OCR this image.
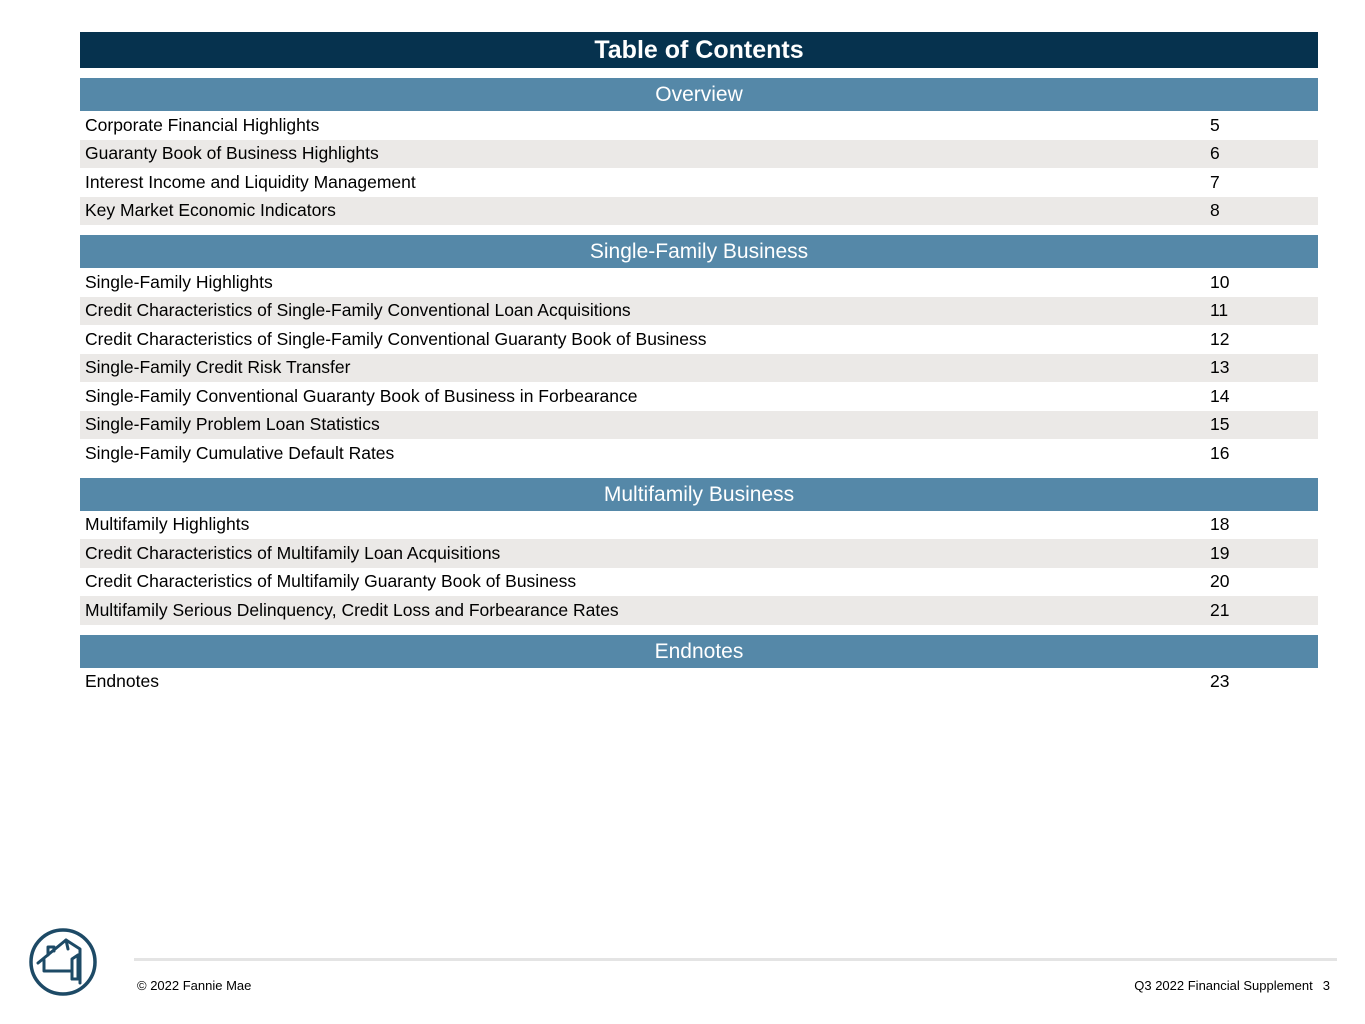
Table of Contents
Overview
Corporate Financial Highlights	5
Guaranty Book of Business Highlights	6
Interest Income and Liquidity Management	7
Key Market Economic Indicators	8
Single-Family Business
Single-Family Highlights	10
Credit Characteristics of Single-Family Conventional Loan Acquisitions	11
Credit Characteristics of Single-Family Conventional Guaranty Book of Business	12
Single-Family Credit Risk Transfer	13
Single-Family Conventional Guaranty Book of Business in Forbearance	14
Single-Family Problem Loan Statistics	15
Single-Family Cumulative Default Rates	16
Multifamily Business
Multifamily Highlights	18
Credit Characteristics of Multifamily Loan Acquisitions	19
Credit Characteristics of Multifamily Guaranty Book of Business	20
Multifamily Serious Delinquency, Credit Loss and Forbearance Rates	21
Endnotes
Endnotes	23
© 2022 Fannie Mae	Q3 2022 Financial Supplement 3
